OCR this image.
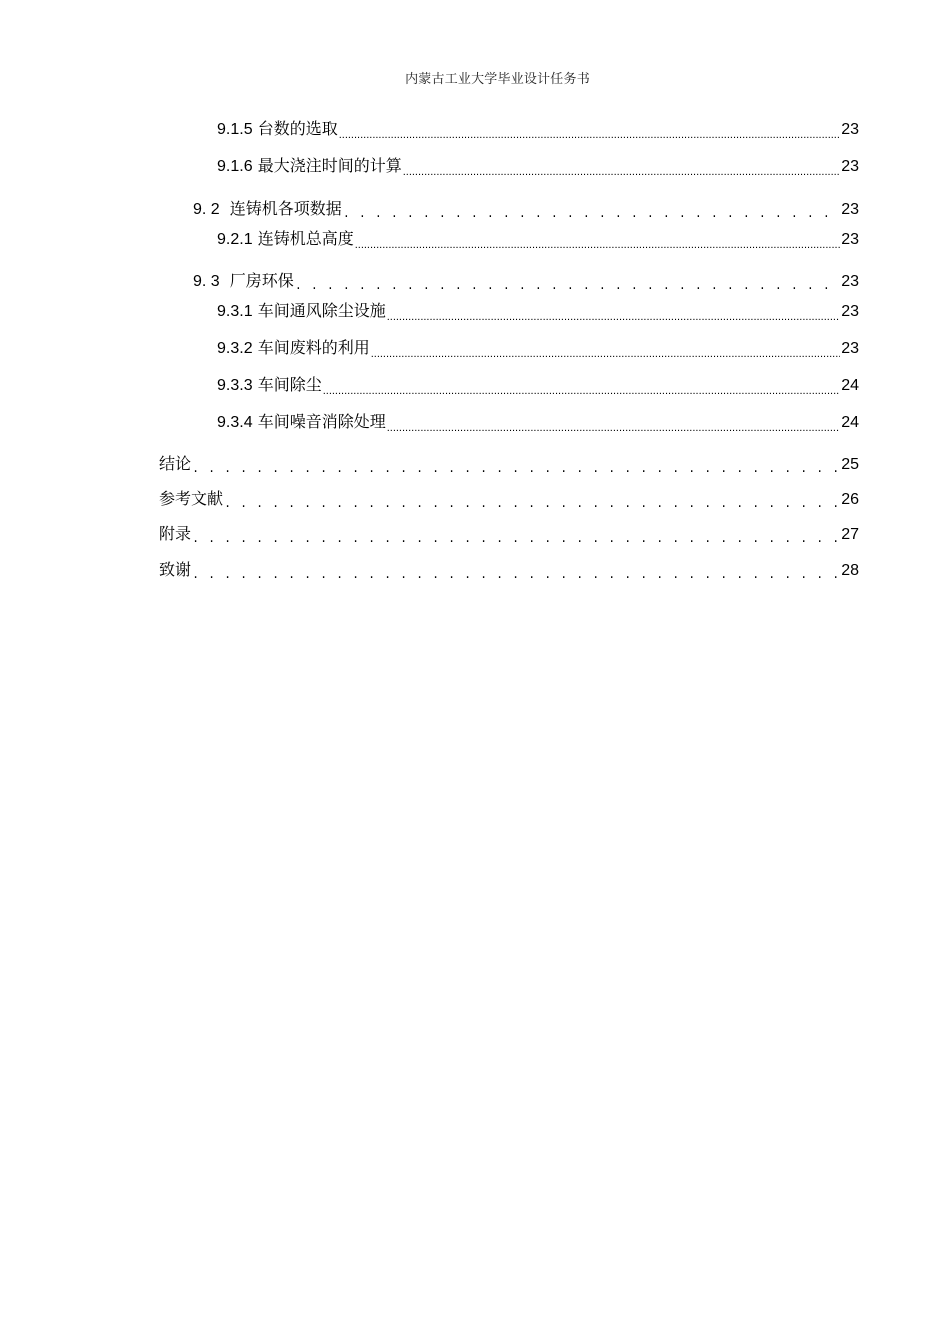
内蒙古工业大学毕业设计任务书
9.1.5 台数的选取 .....	23
9.1.6 最大浇注时间的计算 .....	23
9. 2 连铸机各项数据 . . .	23
9.2.1 连铸机总高度 .....	23
9. 3 厂房环保 . . .	23
9.3.1 车间通风除尘设施 .....	23
9.3.2 车间废料的利用 .....	23
9.3.3 车间除尘 .....	24
9.3.4 车间噪音消除处理 .....	24
结论 . . .	25
参考文献 . . .	26
附录 . . .	27
致谢 . . .	28
